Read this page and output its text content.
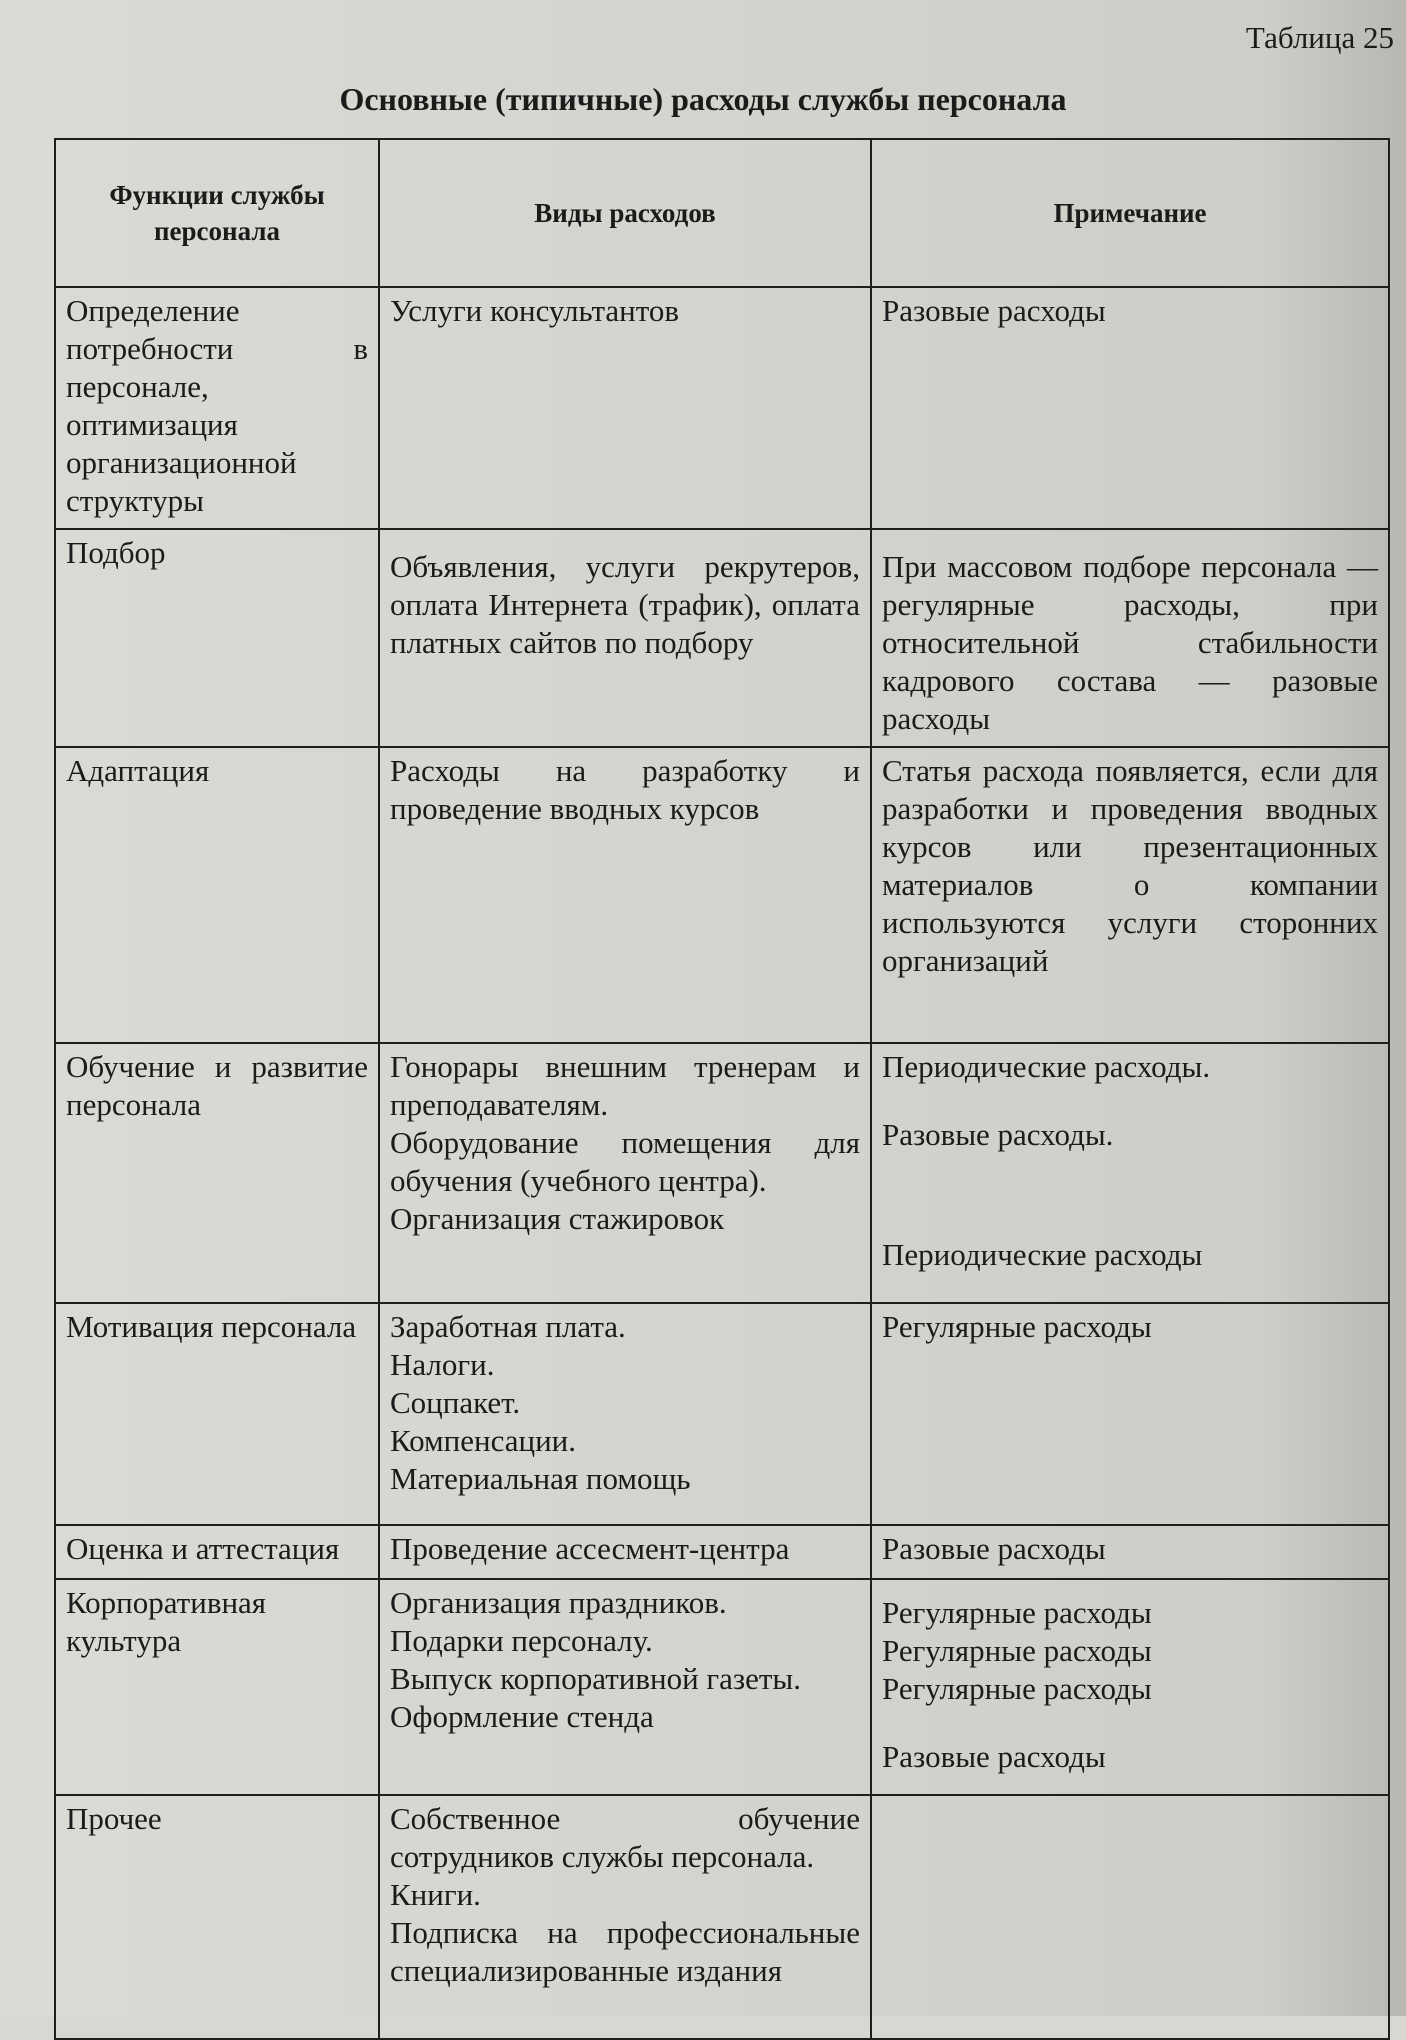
Таблица 25

Основные (типичные) расходы службы персонала
Функции службы персонала	Виды расходов	Примечание

Определение потребности в персонале, оптимизация организационной структуры	Услуги консультантов	Разовые расходы

Подбор	Объявления, услуги рекрутеров, оплата Интернета (трафик), оплата платных сайтов по подбору	При массовом подборе персонала — регулярные расходы, при относительной стабильности кадрового состава — разовые расходы

Адаптация	Расходы на разработку и проведение вводных курсов	Статья расхода появляется, если для разработки и проведения вводных курсов или презентационных материалов о компании используются услуги сторонних организаций

Обучение и развитие персонала	Гонорары внешним тренерам и преподавателям.
Оборудование помещения для обучения (учебного центра).
Организация стажировок	Периодические расходы.
Разовые расходы.
Периодические расходы

Мотивация персонала	Заработная плата.
Налоги.
Соцпакет.
Компенсации.
Материальная помощь	Регулярные расходы

Оценка и аттестация	Проведение ассесмент-центра	Разовые расходы

Корпоративная культура	Организация праздников.
Подарки персоналу.
Выпуск корпоративной газеты.
Оформление стенда	Регулярные расходы
Регулярные расходы
Регулярные расходы
Разовые расходы

Прочее	Собственное обучение сотрудников службы персонала.
Книги.
Подписка на профессиональные специализированные издания	
